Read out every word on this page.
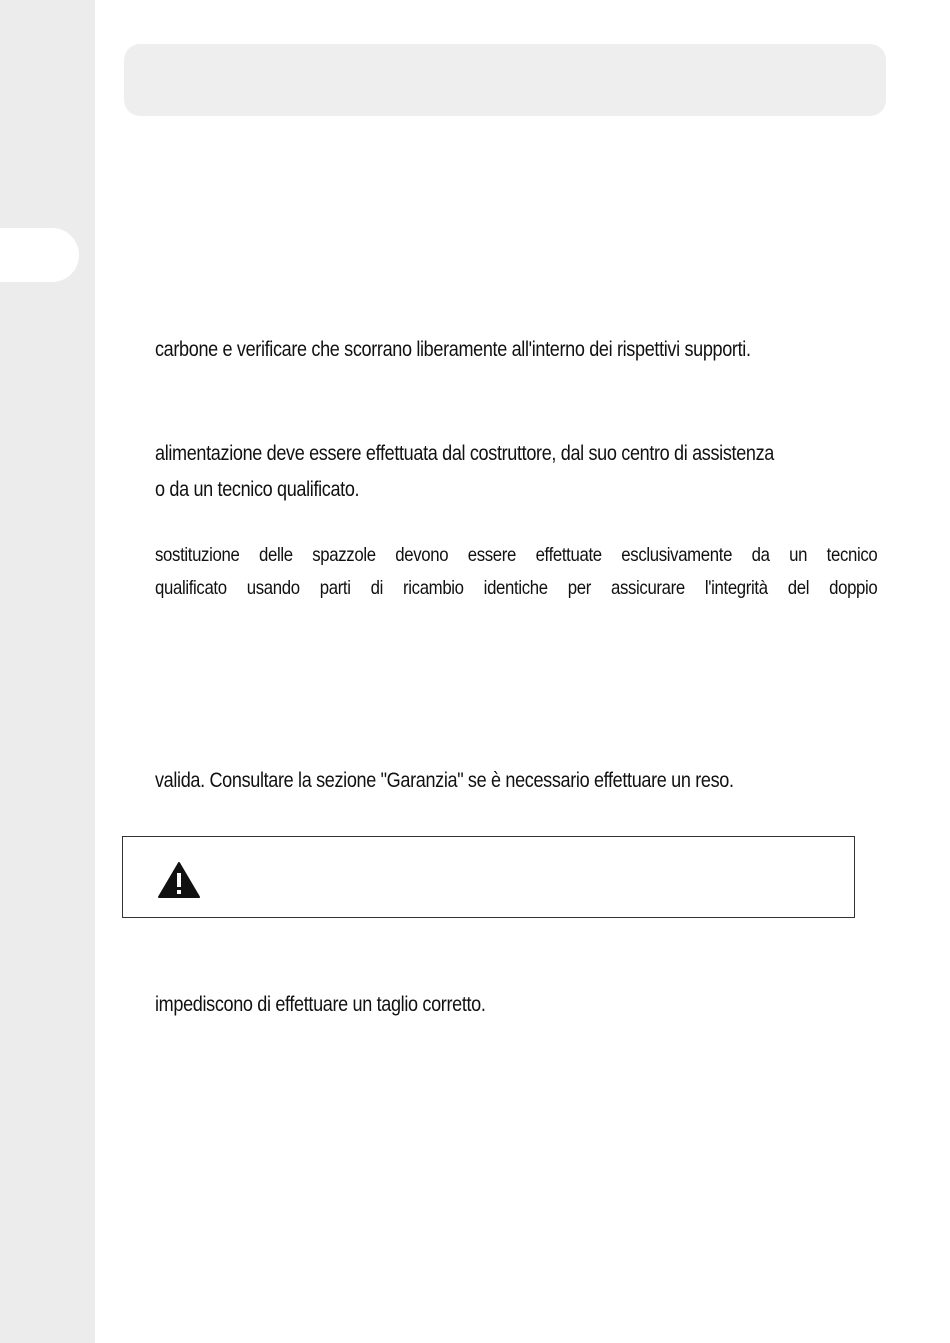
carbone e verificare che scorrano liberamente all'interno dei rispettivi supporti.

alimentazione deve essere effettuata dal costruttore, dal suo centro di assistenza
o da un tecnico qualificato.
sostituzione delle spazzole devono essere effettuate esclusivamente da un tecnico
qualificato usando parti di ricambio identiche per assicurare l'integrità del doppio

valida. Consultare la sezione "Garanzia" se è necessario effettuare un reso.

impediscono di effettuare un taglio corretto.
